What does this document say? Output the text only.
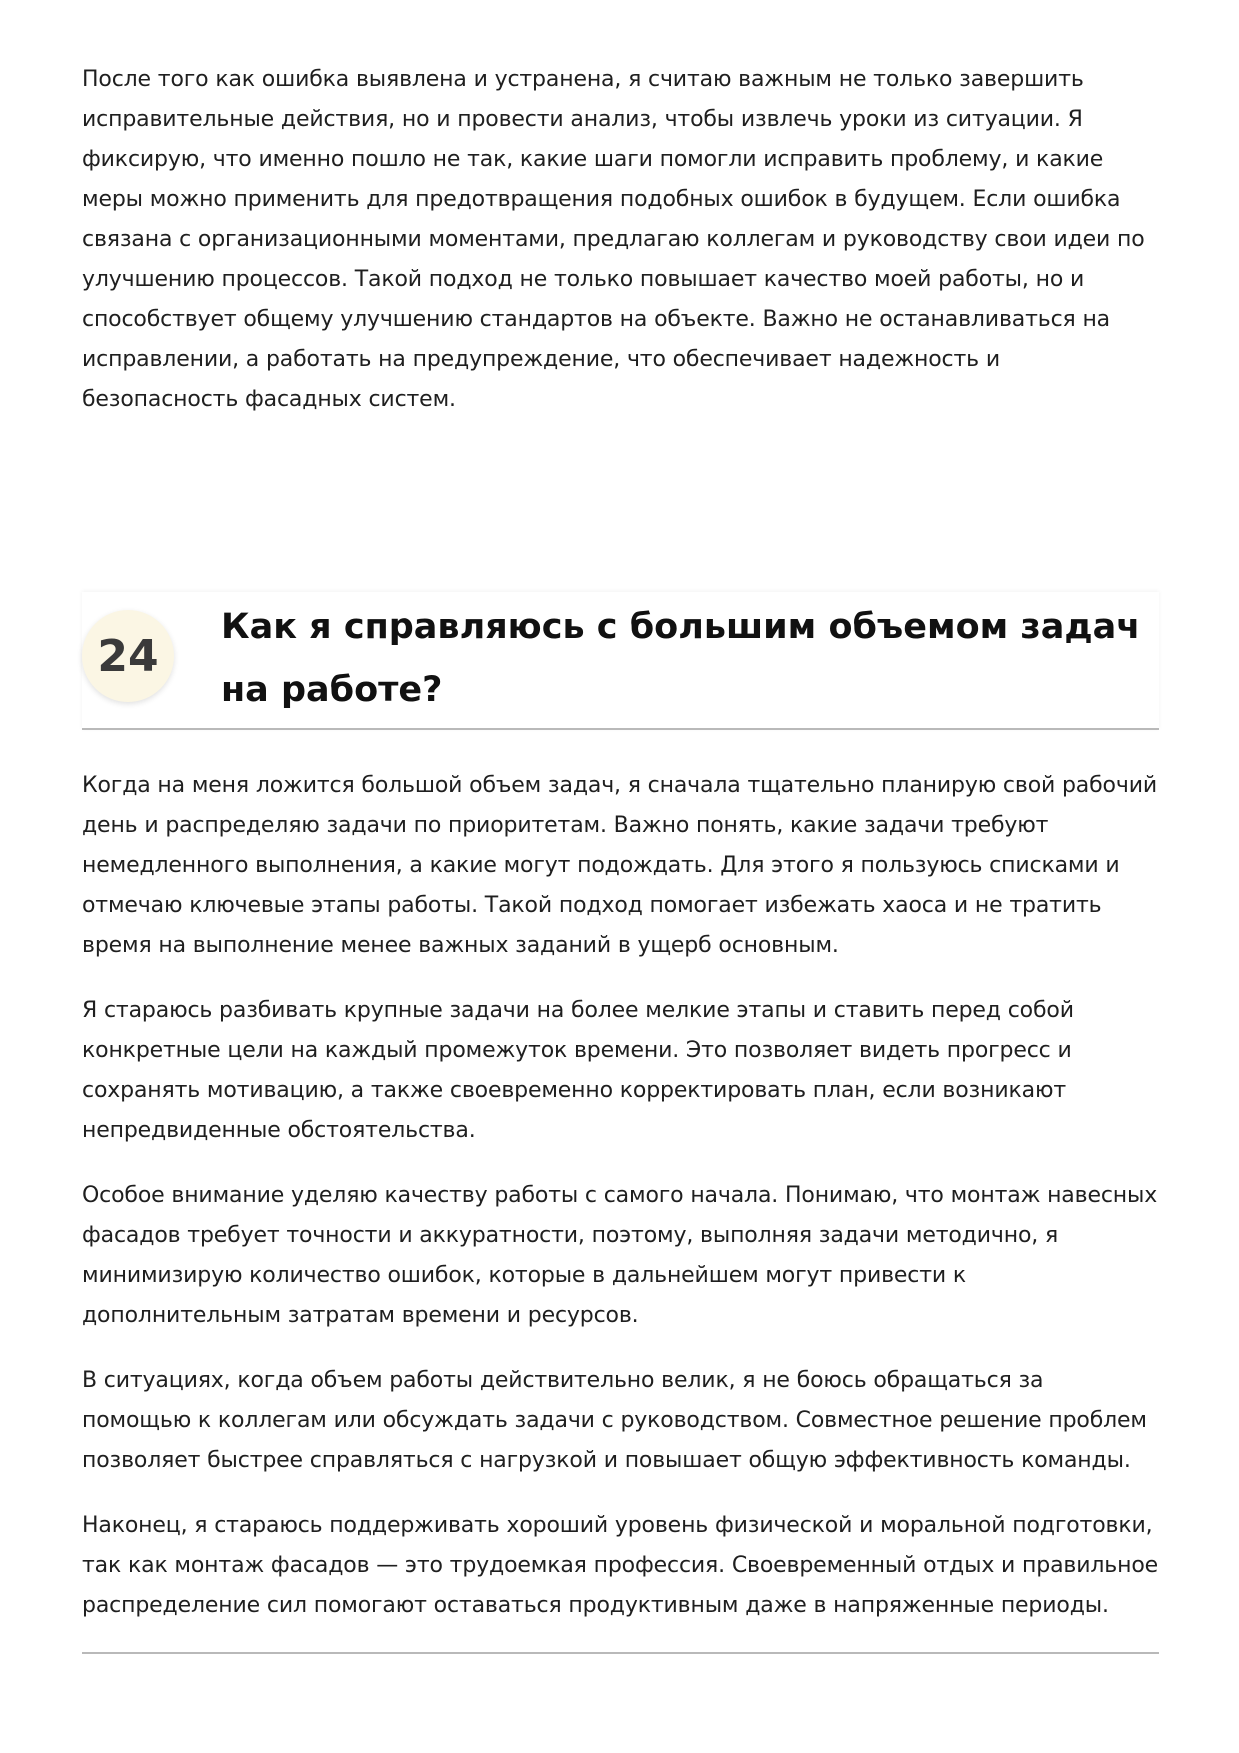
После того как ошибка выявлена и устранена, я считаю важным не только завершить исправительные действия, но и провести анализ, чтобы извлечь уроки из ситуации. Я фиксирую, что именно пошло не так, какие шаги помогли исправить проблему, и какие меры можно применить для предотвращения подобных ошибок в будущем. Если ошибка связана с организационными моментами, предлагаю коллегам и руководству свои идеи по улучшению процессов. Такой подход не только повышает качество моей работы, но и способствует общему улучшению стандартов на объекте. Важно не останавливаться на исправлении, а работать на предупреждение, что обеспечивает надежность и безопасность фасадных систем.

24
Как я справляюсь с большим объемом задач на работе?

Когда на меня ложится большой объем задач, я сначала тщательно планирую свой рабочий день и распределяю задачи по приоритетам. Важно понять, какие задачи требуют немедленного выполнения, а какие могут подождать. Для этого я пользуюсь списками и отмечаю ключевые этапы работы. Такой подход помогает избежать хаоса и не тратить время на выполнение менее важных заданий в ущерб основным.

Я стараюсь разбивать крупные задачи на более мелкие этапы и ставить перед собой конкретные цели на каждый промежуток времени. Это позволяет видеть прогресс и сохранять мотивацию, а также своевременно корректировать план, если возникают непредвиденные обстоятельства.

Особое внимание уделяю качеству работы с самого начала. Понимаю, что монтаж навесных фасадов требует точности и аккуратности, поэтому, выполняя задачи методично, я минимизирую количество ошибок, которые в дальнейшем могут привести к дополнительным затратам времени и ресурсов.

В ситуациях, когда объем работы действительно велик, я не боюсь обращаться за помощью к коллегам или обсуждать задачи с руководством. Совместное решение проблем позволяет быстрее справляться с нагрузкой и повышает общую эффективность команды.

Наконец, я стараюсь поддерживать хороший уровень физической и моральной подготовки, так как монтаж фасадов — это трудоемкая профессия. Своевременный отдых и правильное распределение сил помогают оставаться продуктивным даже в напряженные периоды.
